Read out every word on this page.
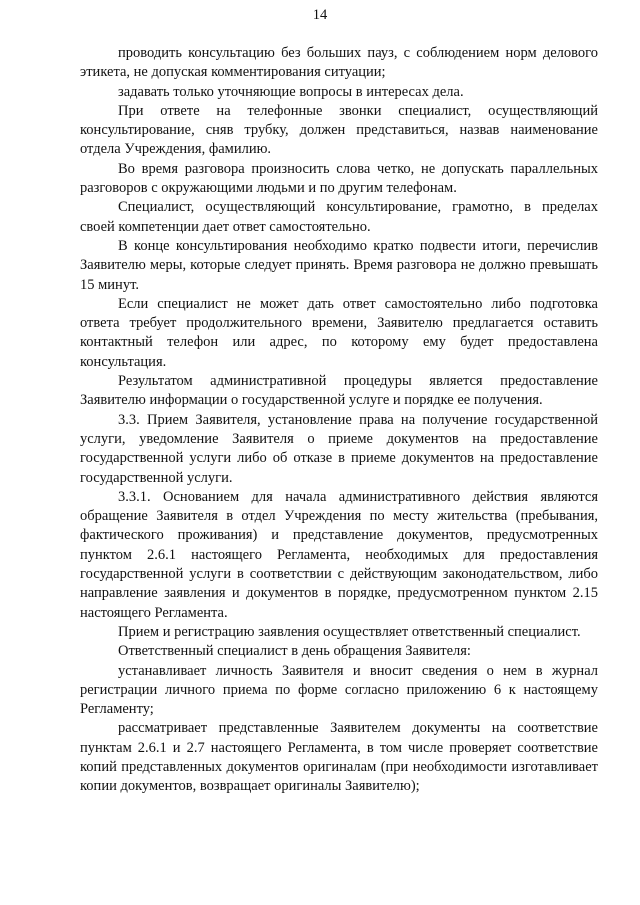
14

проводить консультацию без больших пауз, с соблюдением норм делового этикета, не допуская комментирования ситуации;

задавать только уточняющие вопросы в интересах дела.

При ответе на телефонные звонки специалист, осуществляющий консультирование, сняв трубку, должен представиться, назвав наименование отдела Учреждения, фамилию.

Во время разговора произносить слова четко, не допускать параллельных разговоров с окружающими людьми и по другим телефонам.

Специалист, осуществляющий консультирование, грамотно, в пределах своей компетенции дает ответ самостоятельно.

В конце консультирования необходимо кратко подвести итоги, перечислив Заявителю меры, которые следует принять. Время разговора не должно превышать 15 минут.

Если специалист не может дать ответ самостоятельно либо подготовка ответа требует продолжительного времени, Заявителю предлагается оставить контактный телефон или адрес, по которому ему будет предоставлена консультация.

Результатом административной процедуры является предоставление Заявителю информации о государственной услуге и порядке ее получения.

3.3. Прием Заявителя, установление права на получение государственной услуги, уведомление Заявителя о приеме документов на предоставление государственной услуги либо об отказе в приеме документов на предоставление государственной услуги.

3.3.1. Основанием для начала административного действия являются обращение Заявителя в отдел Учреждения по месту жительства (пребывания, фактического проживания) и представление документов, предусмотренных пунктом 2.6.1 настоящего Регламента, необходимых для предоставления государственной услуги в соответствии с действующим законодательством, либо направление заявления и документов в порядке, предусмотренном пунктом 2.15 настоящего Регламента.

Прием и регистрацию заявления осуществляет ответственный специалист.

Ответственный специалист в день обращения Заявителя:

устанавливает личность Заявителя и вносит сведения о нем в журнал регистрации личного приема по форме согласно приложению 6 к настоящему Регламенту;

рассматривает представленные Заявителем документы на соответствие пунктам 2.6.1 и 2.7 настоящего Регламента, в том числе проверяет соответствие копий представленных документов оригиналам (при необходимости изготавливает копии документов, возвращает оригиналы Заявителю);
